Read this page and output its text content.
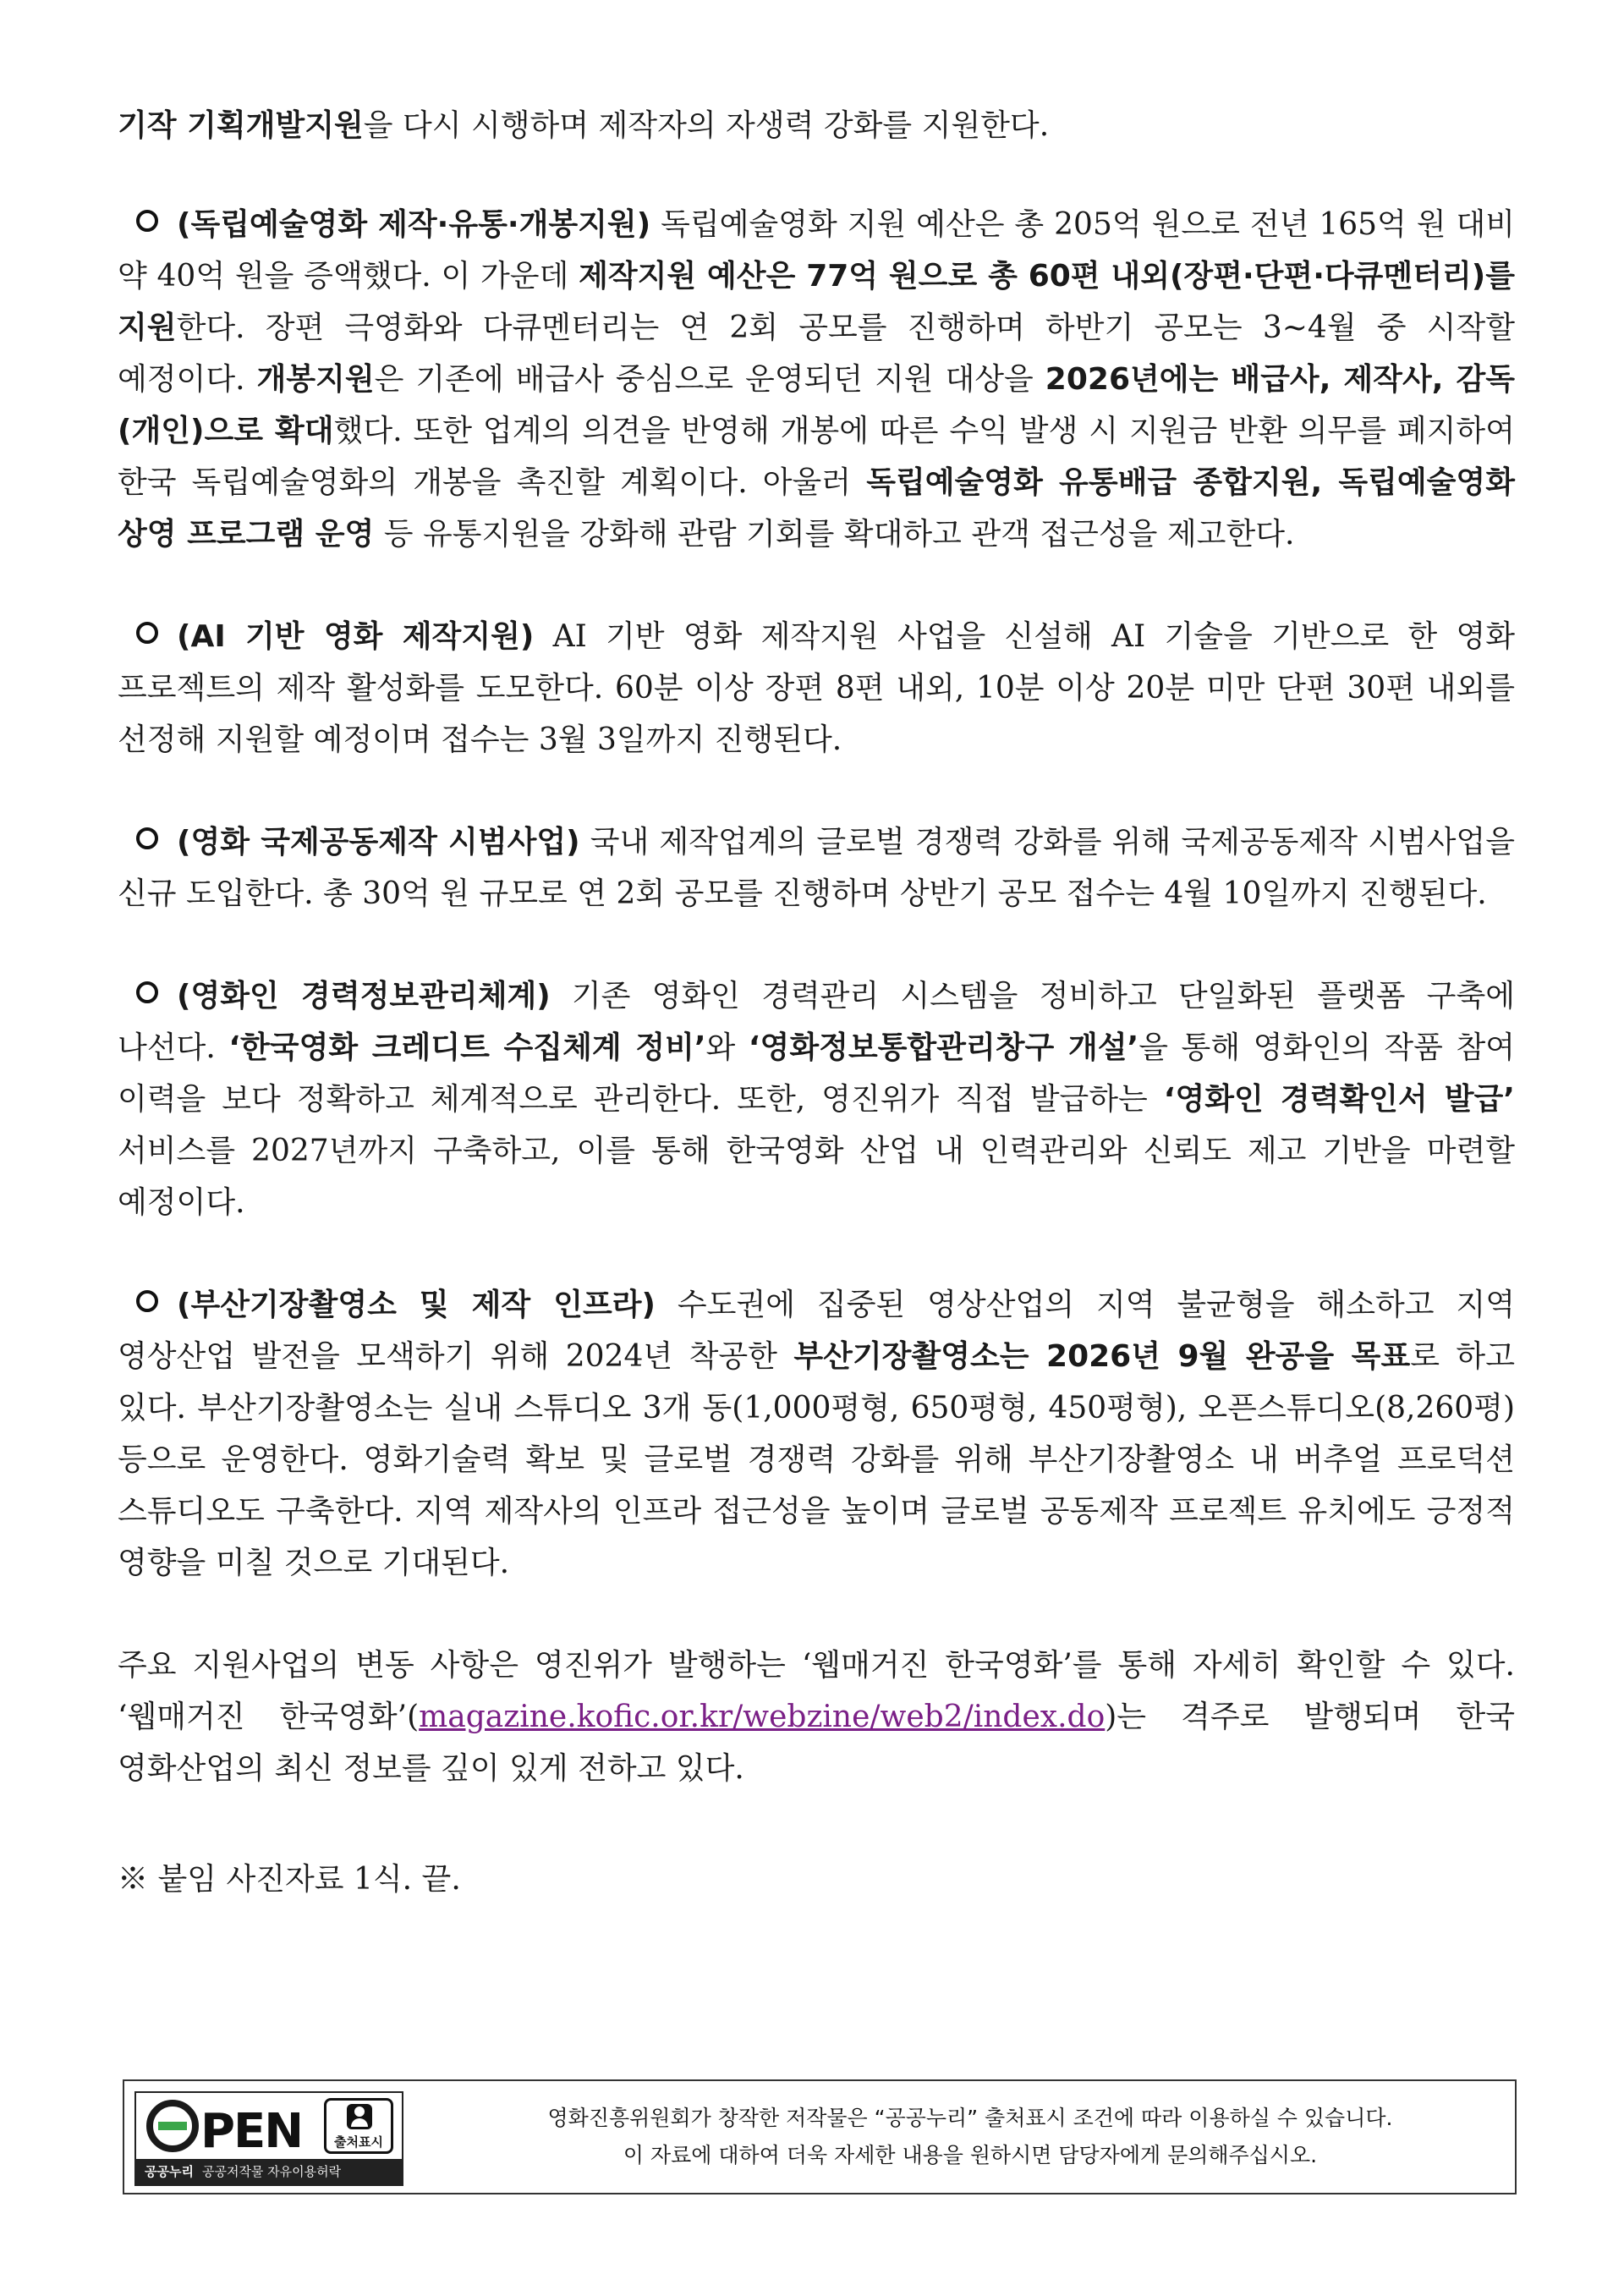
기작 기획개발지원을 다시 시행하며 제작자의 자생력 강화를 지원한다.

(독립예술영화 제작·유통·개봉지원) 독립예술영화 지원 예산은 총 205억 원으로 전년 165억 원 대비 약 40억 원을 증액했다. 이 가운데 제작지원 예산은 77억 원으로 총 60편 내외(장편·단편·다큐멘터리)를 지원한다. 장편 극영화와 다큐멘터리는 연 2회 공모를 진행하며 하반기 공모는 3~4월 중 시작할 예정이다. 개봉지원은 기존에 배급사 중심으로 운영되던 지원 대상을 2026년에는 배급사, 제작사, 감독(개인)으로 확대했다. 또한 업계의 의견을 반영해 개봉에 따른 수익 발생 시 지원금 반환 의무를 폐지하여 한국 독립예술영화의 개봉을 촉진할 계획이다. 아울러 독립예술영화 유통배급 종합지원, 독립예술영화 상영 프로그램 운영 등 유통지원을 강화해 관람 기회를 확대하고 관객 접근성을 제고한다.

(AI 기반 영화 제작지원) AI 기반 영화 제작지원 사업을 신설해 AI 기술을 기반으로 한 영화 프로젝트의 제작 활성화를 도모한다. 60분 이상 장편 8편 내외, 10분 이상 20분 미만 단편 30편 내외를 선정해 지원할 예정이며 접수는 3월 3일까지 진행된다.

(영화 국제공동제작 시범사업) 국내 제작업계의 글로벌 경쟁력 강화를 위해 국제공동제작 시범사업을 신규 도입한다. 총 30억 원 규모로 연 2회 공모를 진행하며 상반기 공모 접수는 4월 10일까지 진행된다.

(영화인 경력정보관리체계) 기존 영화인 경력관리 시스템을 정비하고 단일화된 플랫폼 구축에 나선다. ‘한국영화 크레디트 수집체계 정비’와 ‘영화정보통합관리창구 개설’을 통해 영화인의 작품 참여 이력을 보다 정확하고 체계적으로 관리한다. 또한, 영진위가 직접 발급하는 ‘영화인 경력확인서 발급’ 서비스를 2027년까지 구축하고, 이를 통해 한국영화 산업 내 인력관리와 신뢰도 제고 기반을 마련할 예정이다.

(부산기장촬영소 및 제작 인프라) 수도권에 집중된 영상산업의 지역 불균형을 해소하고 지역 영상산업 발전을 모색하기 위해 2024년 착공한 부산기장촬영소는 2026년 9월 완공을 목표로 하고 있다. 부산기장촬영소는 실내 스튜디오 3개 동(1,000평형, 650평형, 450평형), 오픈스튜디오(8,260평) 등으로 운영한다. 영화기술력 확보 및 글로벌 경쟁력 강화를 위해 부산기장촬영소 내 버추얼 프로덕션 스튜디오도 구축한다. 지역 제작사의 인프라 접근성을 높이며 글로벌 공동제작 프로젝트 유치에도 긍정적 영향을 미칠 것으로 기대된다.

주요 지원사업의 변동 사항은 영진위가 발행하는 ‘웹매거진 한국영화’를 통해 자세히 확인할 수 있다. ‘웹매거진 한국영화’(magazine.kofic.or.kr/webzine/web2/index.do)는 격주로 발행되며 한국 영화산업의 최신 정보를 깊이 있게 전하고 있다.

※ 붙임 사진자료 1식. 끝.
PEN	출처표시
공공누리 공공저작물 자유이용허락
영화진흥위원회가 창작한 저작물은 “공공누리” 출처표시 조건에 따라 이용하실 수 있습니다.
이 자료에 대하여 더욱 자세한 내용을 원하시면 담당자에게 문의해주십시오.
